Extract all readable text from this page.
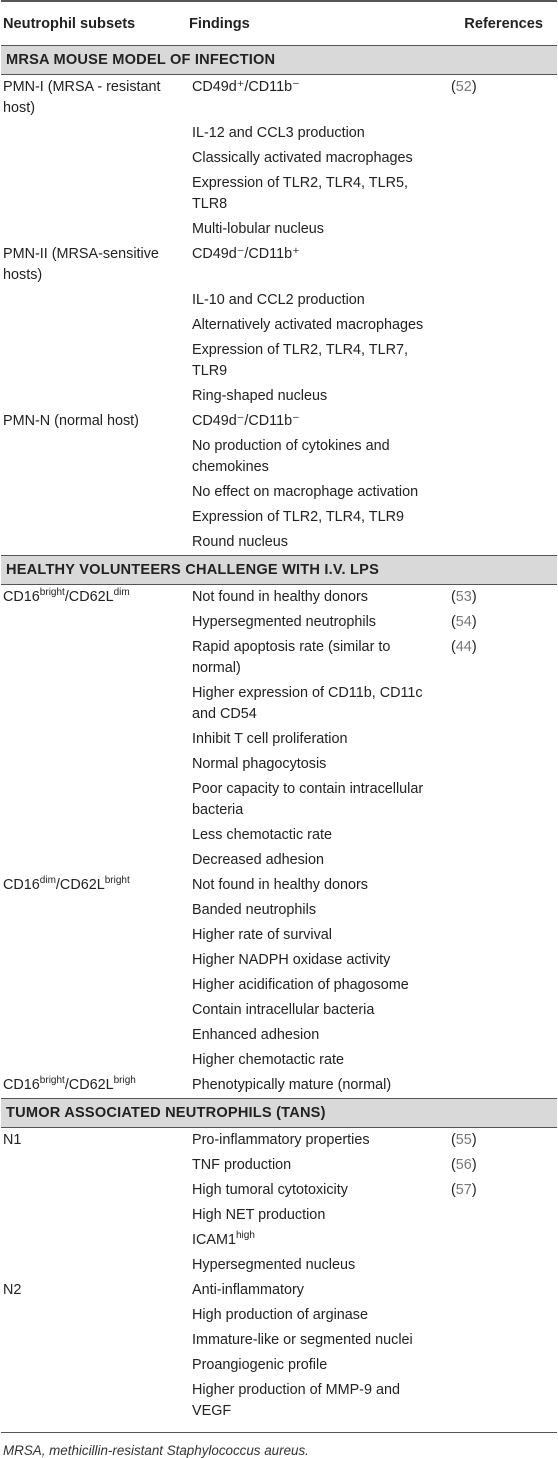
Neutrophil subsets	Findings	References
MRSA MOUSE MODEL OF INFECTION		
PMN-I (MRSA - resistant host)	CD49d⁺/CD11b⁻	(52)
	IL-12 and CCL3 production	
	Classically activated macrophages	
	Expression of TLR2, TLR4, TLR5, TLR8	
	Multi-lobular nucleus	
PMN-II (MRSA-sensitive hosts)	CD49d⁻/CD11b⁺	
	IL-10 and CCL2 production	
	Alternatively activated macrophages	
	Expression of TLR2, TLR4, TLR7, TLR9	
	Ring-shaped nucleus	
PMN-N (normal host)	CD49d⁻/CD11b⁻	
	No production of cytokines and chemokines	
	No effect on macrophage activation	
	Expression of TLR2, TLR4, TLR9	
	Round nucleus	
HEALTHY VOLUNTEERS CHALLENGE WITH I.V. LPS		
$CD16^{bright}/CD62L^{dim}$	Not found in healthy donors	(53)
	Hypersegmented neutrophils	(54)
	Rapid apoptosis rate (similar to normal)	(44)
	Higher expression of CD11b, CD11c and CD54	
	Inhibit T cell proliferation	
	Normal phagocytosis	
	Poor capacity to contain intracellular bacteria	
	Less chemotactic rate	
	Decreased adhesion	
$CD16^{dim}/CD62L^{bright}$	Not found in healthy donors	
	Banded neutrophils	
	Higher rate of survival	
	Higher NADPH oxidase activity	
	Higher acidification of phagosome	
	Contain intracellular bacteria	
	Enhanced adhesion	
	Higher chemotactic rate	
$CD16^{bright}/CD62L^{brigh}$	Phenotypically mature (normal)	
TUMOR ASSOCIATED NEUTROPHILS (TANS)		
N1	Pro-inflammatory properties	(55)
	TNF production	(56)
	High tumoral cytotoxicity	(57)
	High NET production	
	$ICAM1^{high}$	
	Hypersegmented nucleus	
N2	Anti-inflammatory	
	High production of arginase	
	Immature-like or segmented nuclei	
	Proangiogenic profile	
	Higher production of MMP-9 and VEGF	
MRSA, methicillin-resistant Staphylococcus aureus.
